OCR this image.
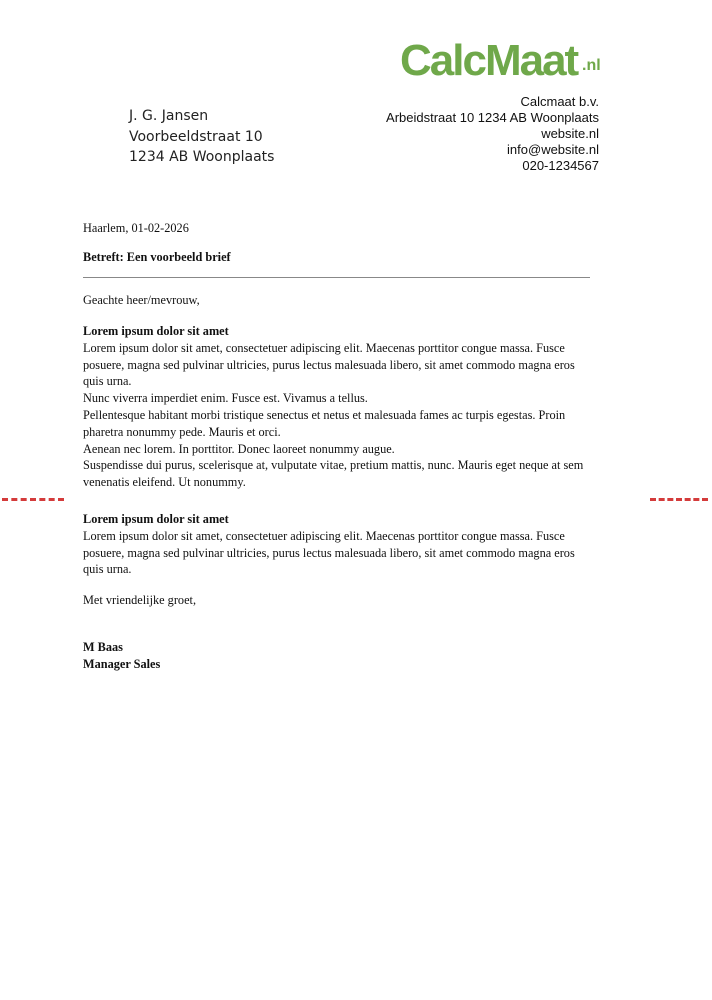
CalcMaat .nl
Calcmaat b.v.
Arbeidstraat 10 1234 AB Woonplaats
website.nl
info@website.nl
020-1234567
J. G. Jansen
Voorbeeldstraat 10
1234 AB Woonplaats
Haarlem, 01-02-2026
Betreft: Een voorbeeld brief
Geachte heer/mevrouw,
Lorem ipsum dolor sit amet

Lorem ipsum dolor sit amet, consectetuer adipiscing elit. Maecenas porttitor congue massa. Fusce posuere, magna sed pulvinar ultricies, purus lectus malesuada libero, sit amet commodo magna eros quis urna.

Nunc viverra imperdiet enim. Fusce est. Vivamus a tellus.

Pellentesque habitant morbi tristique senectus et netus et malesuada fames ac turpis egestas. Proin pharetra nonummy pede. Mauris et orci.

Aenean nec lorem. In porttitor. Donec laoreet nonummy augue.

Suspendisse dui purus, scelerisque at, vulputate vitae, pretium mattis, nunc. Mauris eget neque at sem venenatis eleifend. Ut nonummy.

Lorem ipsum dolor sit amet

Lorem ipsum dolor sit amet, consectetuer adipiscing elit. Maecenas porttitor congue massa. Fusce posuere, magna sed pulvinar ultricies, purus lectus malesuada libero, sit amet commodo magna eros quis urna.

Met vriendelijke groet,
M Baas
Manager Sales
